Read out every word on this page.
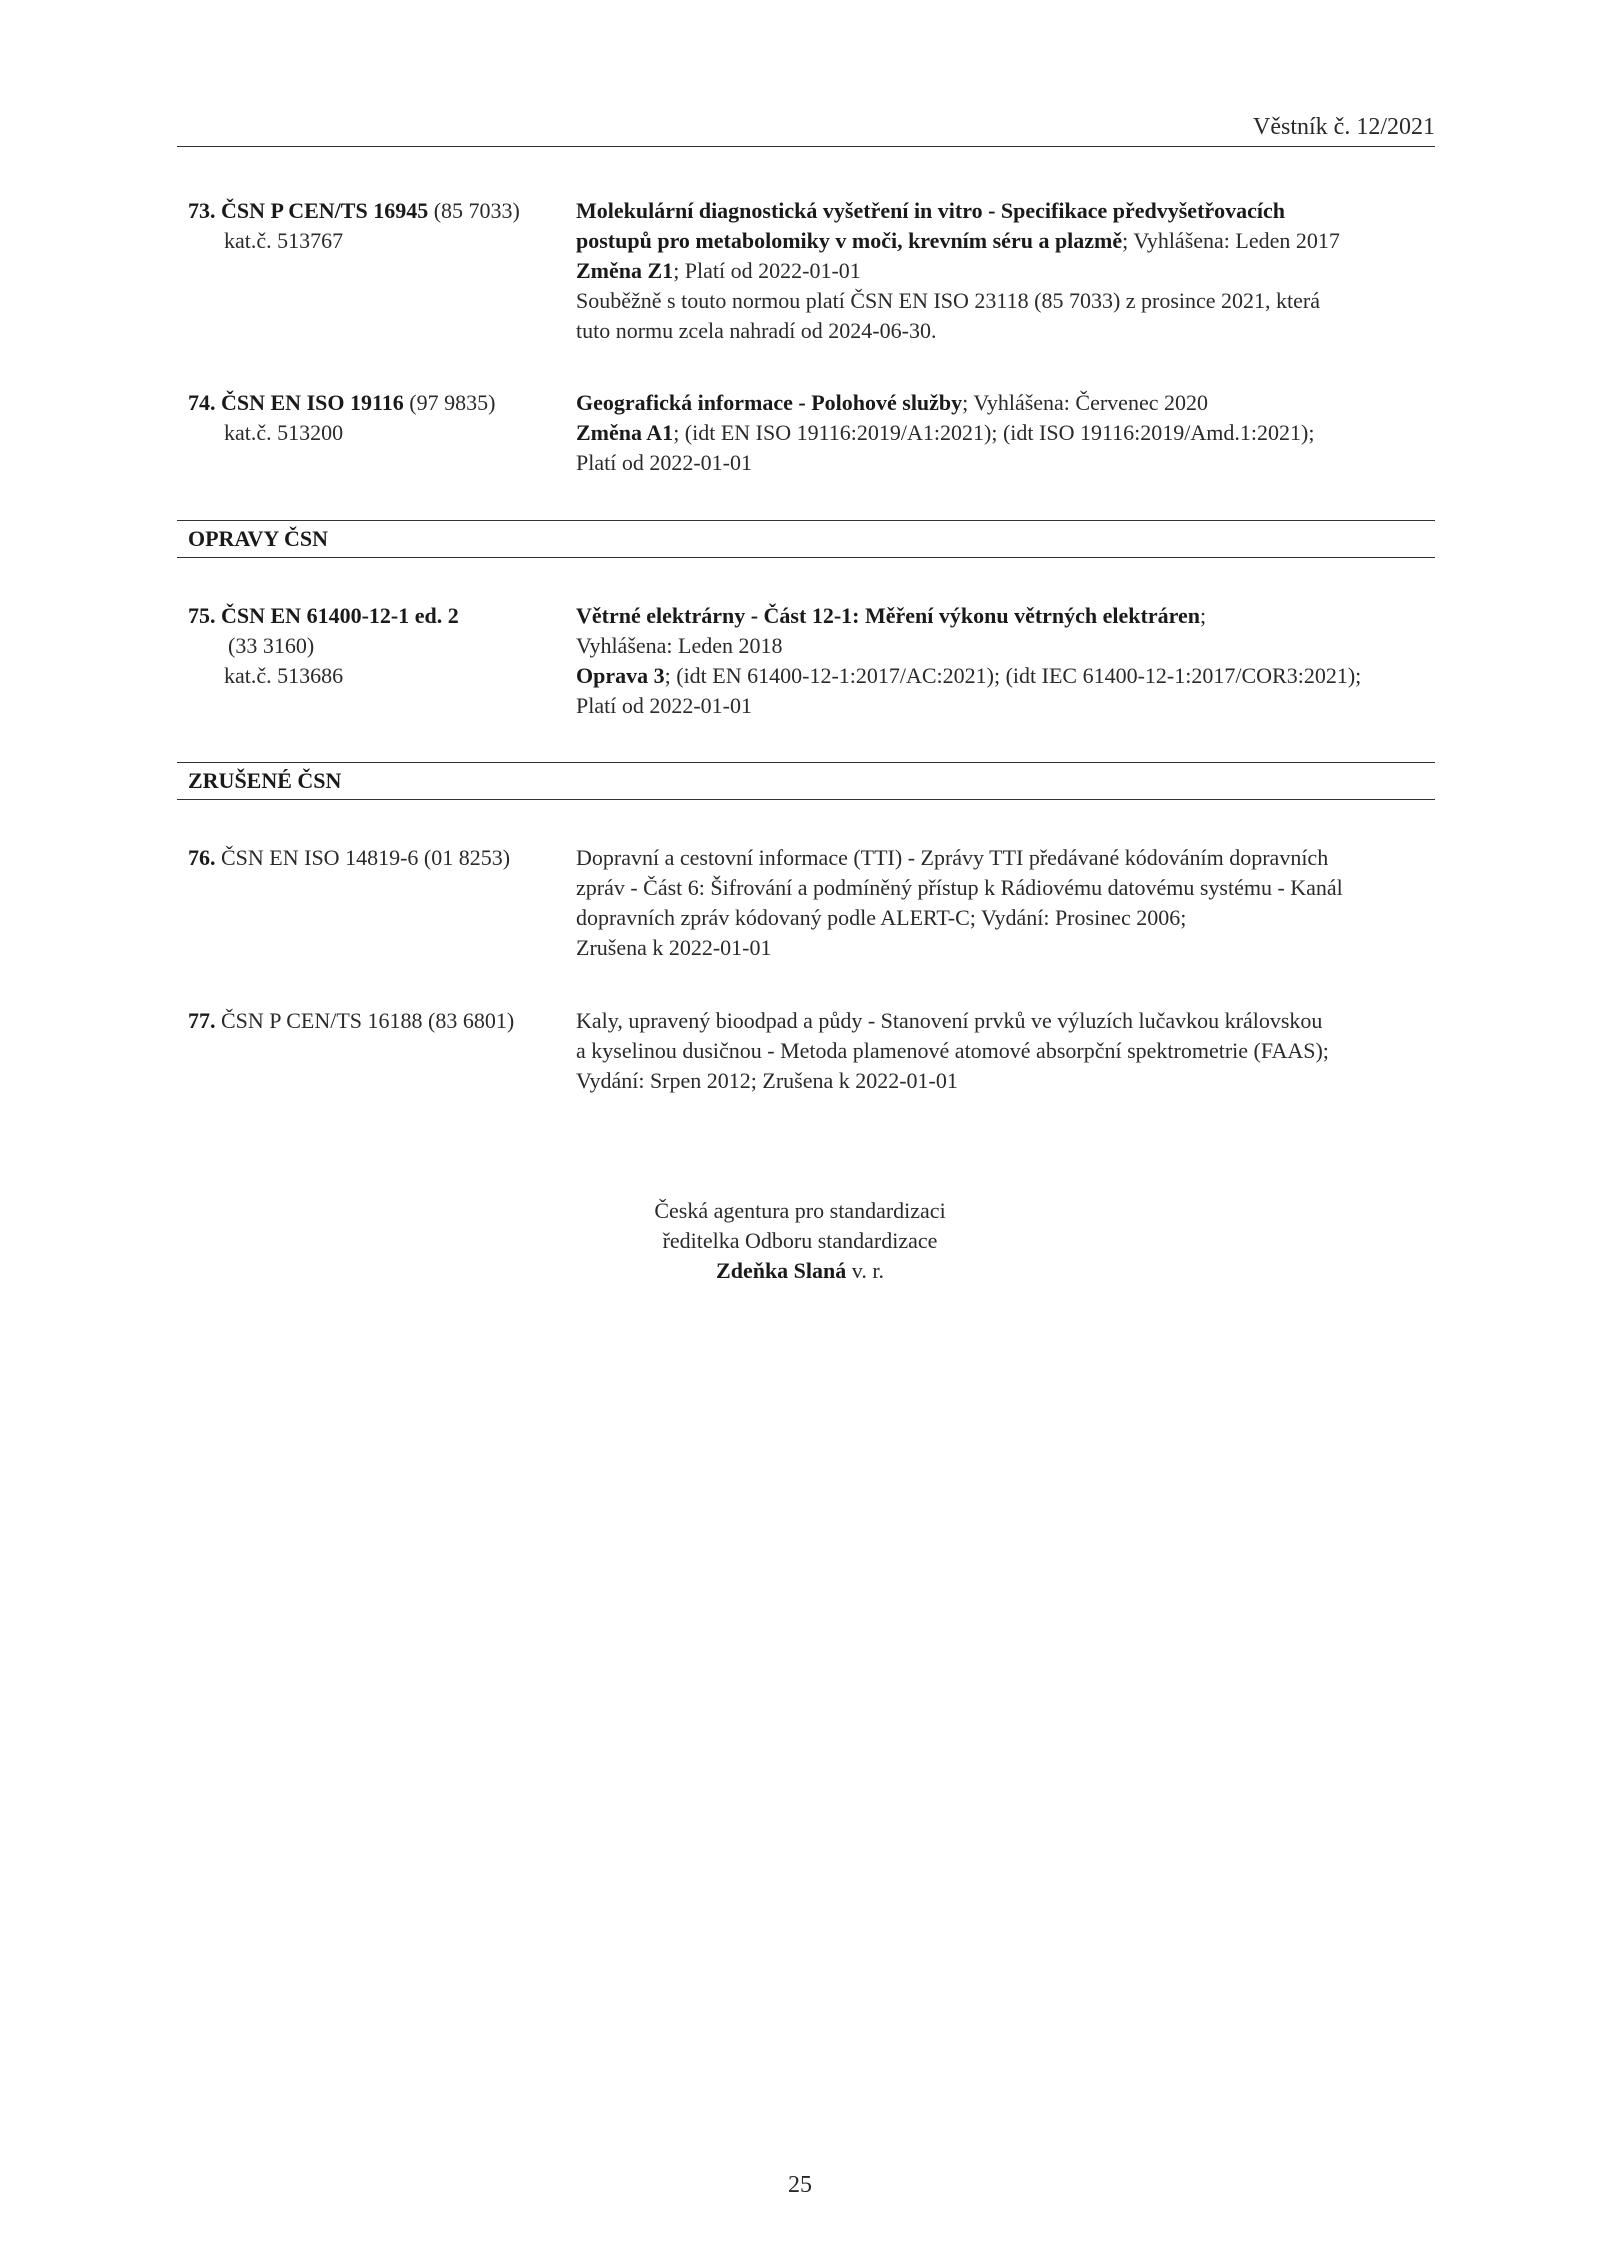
Věstník č. 12/2021
73. ČSN P CEN/TS 16945 (85 7033)
kat.č. 513767
Molekulární diagnostická vyšetření in vitro - Specifikace předvyšetřovacích
postupů pro metabolomiky v moči, krevním séru a plazmě; Vyhlášena: Leden 2017
Změna Z1; Platí od 2022-01-01
Souběžně s touto normou platí ČSN EN ISO 23118 (85 7033) z prosince 2021, která
tuto normu zcela nahradí od 2024-06-30.
74. ČSN EN ISO 19116 (97 9835)
kat.č. 513200
Geografická informace - Polohové služby; Vyhlášena: Červenec 2020
Změna A1; (idt EN ISO 19116:2019/A1:2021); (idt ISO 19116:2019/Amd.1:2021);
Platí od 2022-01-01
OPRAVY ČSN
75. ČSN EN 61400-12-1 ed. 2
(33 3160)
kat.č. 513686
Větrné elektrárny - Část 12-1: Měření výkonu větrných elektráren;
Vyhlášena: Leden 2018
Oprava 3; (idt EN 61400-12-1:2017/AC:2021); (idt IEC 61400-12-1:2017/COR3:2021);
Platí od 2022-01-01
ZRUŠENÉ ČSN
76. ČSN EN ISO 14819-6 (01 8253)	Dopravní a cestovní informace (TTI) - Zprávy TTI předávané kódováním dopravních
zpráv - Část 6: Šifrování a podmíněný přístup k Rádiovému datovému systému - Kanál
dopravních zpráv kódovaný podle ALERT-C; Vydání: Prosinec 2006;
Zrušena k 2022-01-01
77. ČSN P CEN/TS 16188 (83 6801)	Kaly, upravený bioodpad a půdy - Stanovení prvků ve výluzích lučavkou královskou
a kyselinou dusičnou - Metoda plamenové atomové absorpční spektrometrie (FAAS);
Vydání: Srpen 2012; Zrušena k 2022-01-01
Česká agentura pro standardizaci
ředitelka Odboru standardizace
Zdeňka Slaná v. r.
25
